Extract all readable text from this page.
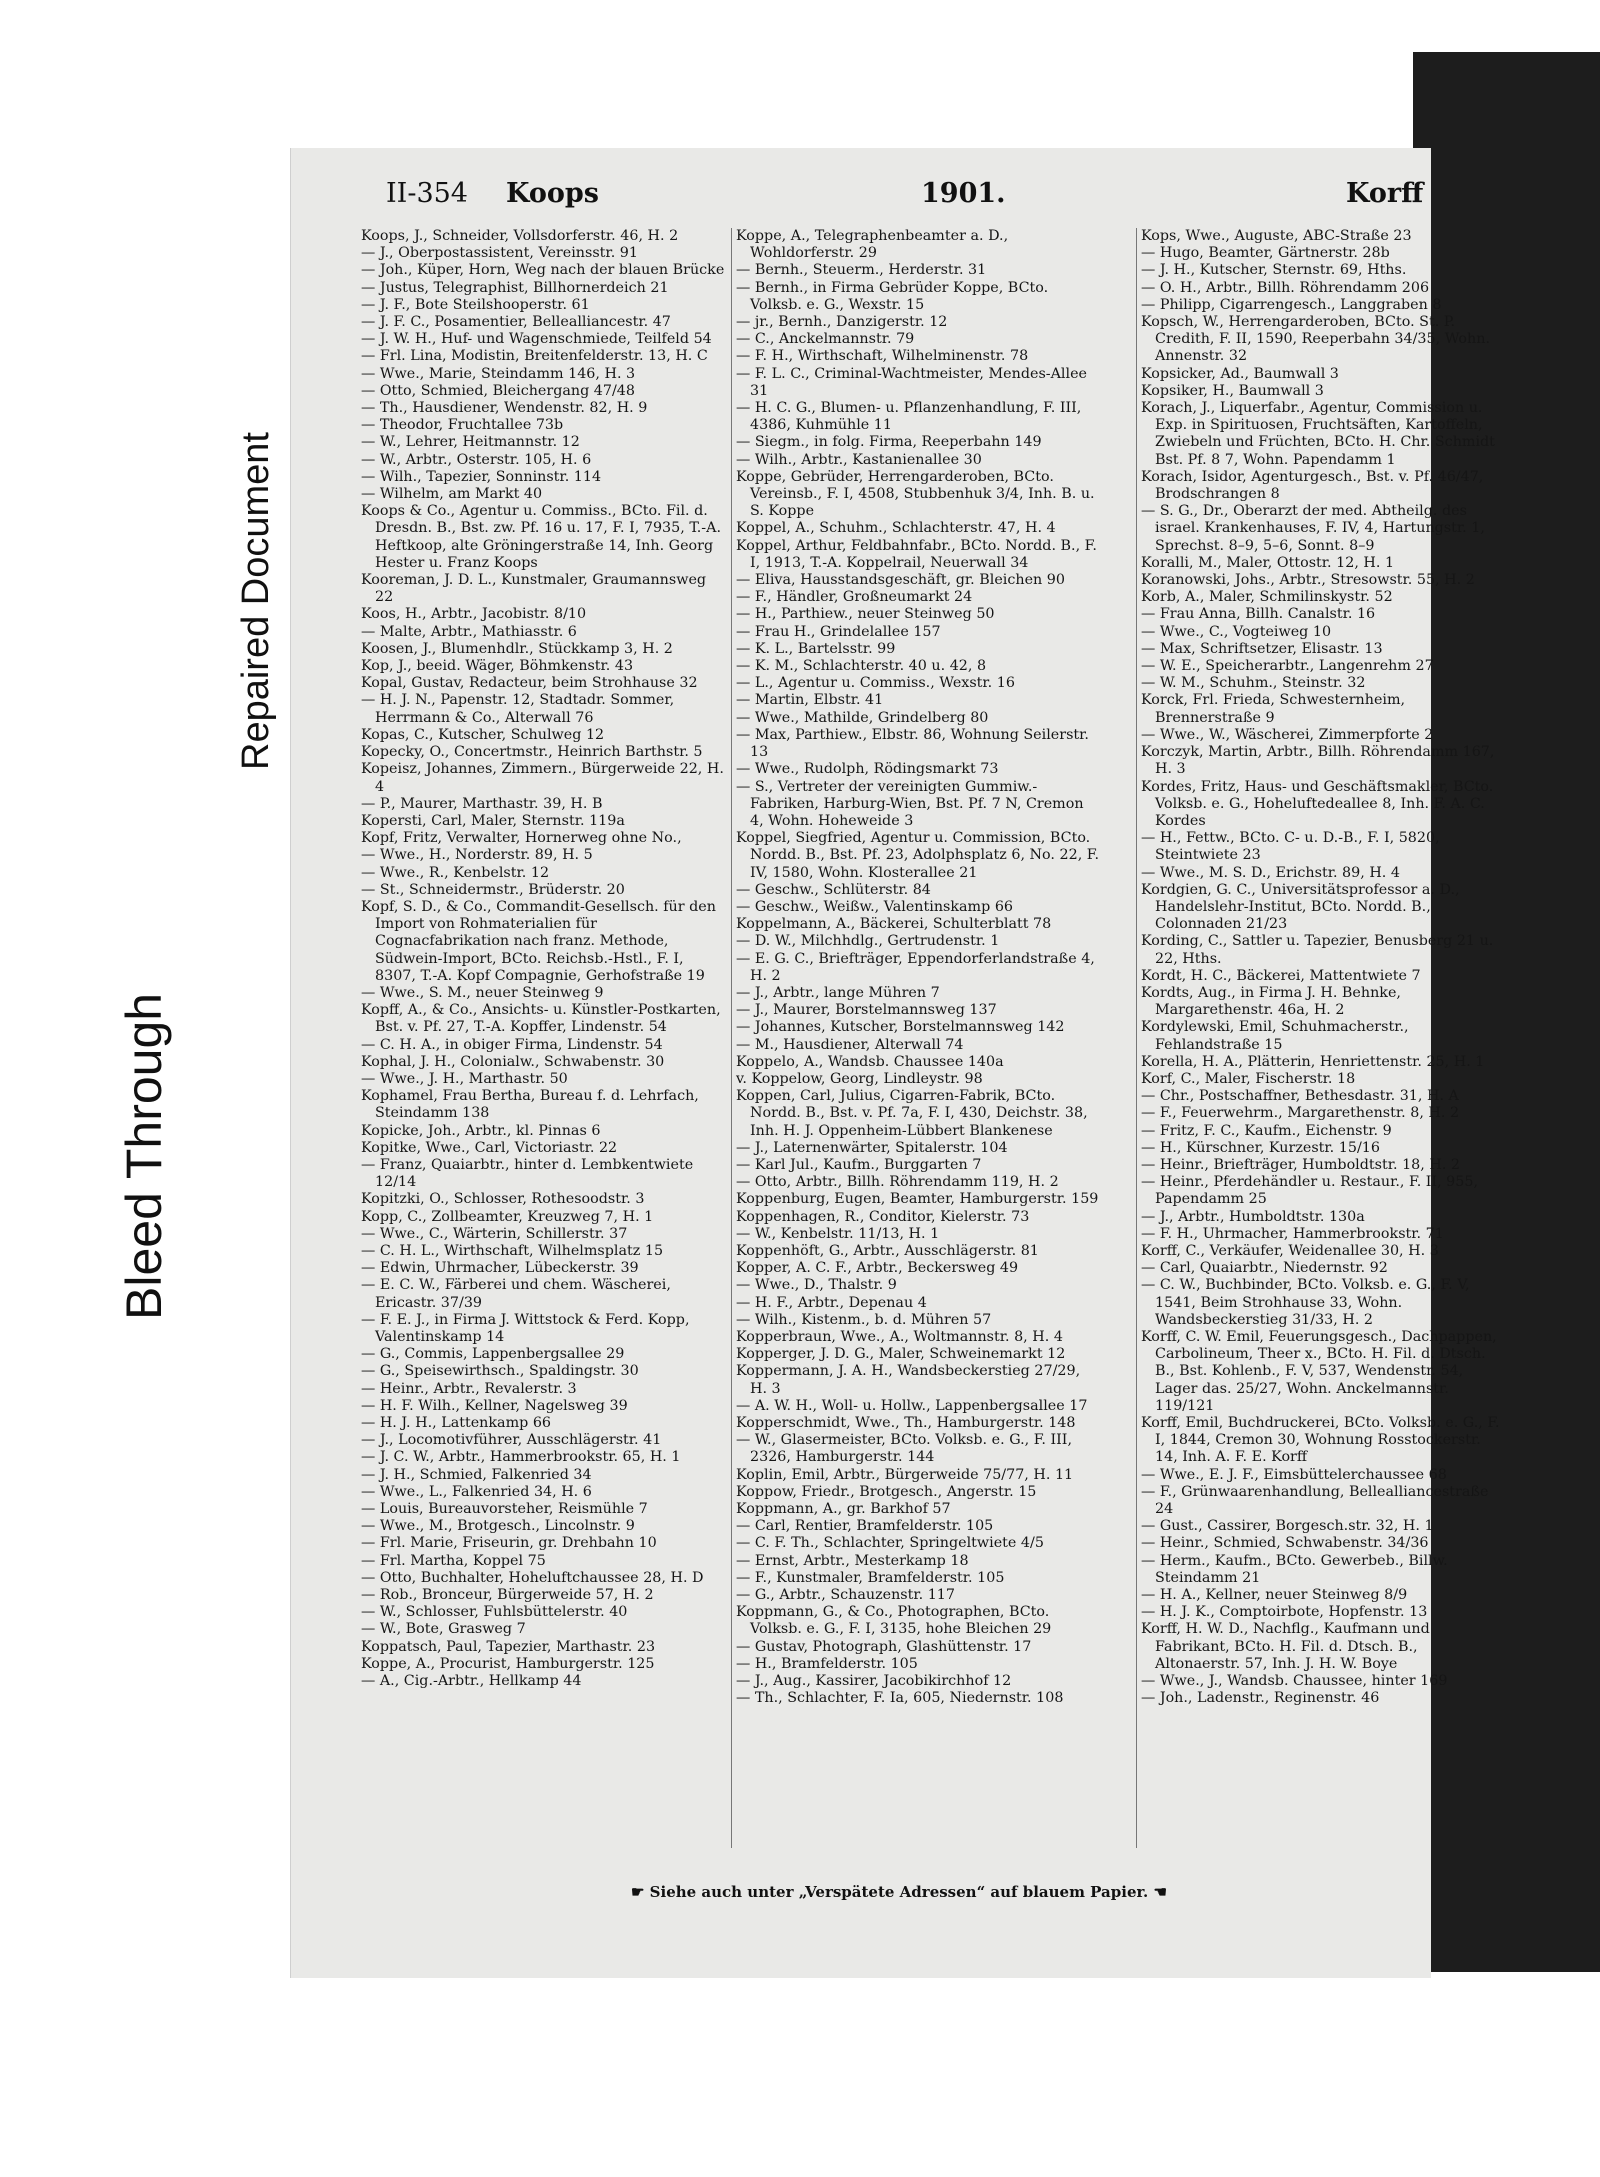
Bleed Through
Repaired Document
II-354 Koops	1901.	Korff

Koops, J., Schneider, Vollsdorferstr. 46, H. 2

— J., Oberpostassistent, Vereinsstr. 91

— Joh., Küper, Horn, Weg nach der blauen Brücke

— Justus, Telegraphist, Billhornerdeich 21

— J. F., Bote Steilshooperstr. 61

— J. F. C., Posamentier, Bellealliancestr. 47

— J. W. H., Huf- und Wagenschmiede, Teilfeld 54

— Frl. Lina, Modistin, Breitenfelderstr. 13, H. C

— Wwe., Marie, Steindamm 146, H. 3

— Otto, Schmied, Bleichergang 47/48

— Th., Hausdiener, Wendenstr. 82, H. 9

— Theodor, Fruchtallee 73b

— W., Lehrer, Heitmannstr. 12

— W., Arbtr., Osterstr. 105, H. 6

— Wilh., Tapezier, Sonninstr. 114

— Wilhelm, am Markt 40

Koops & Co., Agentur u. Commiss., BCto. Fil. d. Dresdn. B., Bst. zw. Pf. 16 u. 17, F. I, 7935, T.-A. Heftkoop, alte Gröningerstraße 14, Inh. Georg Hester u. Franz Koops

Kooreman, J. D. L., Kunstmaler, Graumannsweg 22

Koos, H., Arbtr., Jacobistr. 8/10

— Malte, Arbtr., Mathiasstr. 6

Koosen, J., Blumenhdlr., Stückkamp 3, H. 2

Kop, J., beeid. Wäger, Böhmkenstr. 43

Kopal, Gustav, Redacteur, beim Strohhause 32

— H. J. N., Papenstr. 12, Stadtadr. Sommer, Herrmann & Co., Alterwall 76

Kopas, C., Kutscher, Schulweg 12

Kopecky, O., Concertmstr., Heinrich Barthstr. 5

Kopeisz, Johannes, Zimmern., Bürgerweide 22, H. 4

— P., Maurer, Marthastr. 39, H. B

Kopersti, Carl, Maler, Sternstr. 119a

Kopf, Fritz, Verwalter, Hornerweg ohne No.,

— Wwe., H., Norderstr. 89, H. 5

— Wwe., R., Kenbelstr. 12

— St., Schneidermstr., Brüderstr. 20

Kopf, S. D., & Co., Commandit-Gesellsch. für den Import von Rohmaterialien für Cognacfabrikation nach franz. Methode, Südwein-Import, BCto. Reichsb.-Hstl., F. I, 8307, T.-A. Kopf Compagnie, Gerhofstraße 19

— Wwe., S. M., neuer Steinweg 9

Kopff, A., & Co., Ansichts- u. Künstler-Postkarten, Bst. v. Pf. 27, T.-A. Kopffer, Lindenstr. 54

— C. H. A., in obiger Firma, Lindenstr. 54

Kophal, J. H., Colonialw., Schwabenstr. 30

— Wwe., J. H., Marthastr. 50

Kophamel, Frau Bertha, Bureau f. d. Lehrfach, Steindamm 138

Kopicke, Joh., Arbtr., kl. Pinnas 6

Kopitke, Wwe., Carl, Victoriastr. 22

— Franz, Quaiarbtr., hinter d. Lembkentwiete 12/14

Kopitzki, O., Schlosser, Rothesoodstr. 3

Kopp, C., Zollbeamter, Kreuzweg 7, H. 1

— Wwe., C., Wärterin, Schillerstr. 37

— C. H. L., Wirthschaft, Wilhelmsplatz 15

— Edwin, Uhrmacher, Lübeckerstr. 39

— E. C. W., Färberei und chem. Wäscherei, Ericastr. 37/39

— F. E. J., in Firma J. Wittstock & Ferd. Kopp, Valentinskamp 14

— G., Commis, Lappenbergsallee 29

— G., Speisewirthsch., Spaldingstr. 30

— Heinr., Arbtr., Revalerstr. 3

— H. F. Wilh., Kellner, Nagelsweg 39

— H. J. H., Lattenkamp 66

— J., Locomotivführer, Ausschlägerstr. 41

— J. C. W., Arbtr., Hammerbrookstr. 65, H. 1

— J. H., Schmied, Falkenried 34

— Wwe., L., Falkenried 34, H. 6

— Louis, Bureauvorsteher, Reismühle 7

— Wwe., M., Brotgesch., Lincolnstr. 9

— Frl. Marie, Friseurin, gr. Drehbahn 10

— Frl. Martha, Koppel 75

— Otto, Buchhalter, Hoheluftchaussee 28, H. D

— Rob., Bronceur, Bürgerweide 57, H. 2

— W., Schlosser, Fuhlsbüttelerstr. 40

— W., Bote, Grasweg 7

Koppatsch, Paul, Tapezier, Marthastr. 23

Koppe, A., Procurist, Hamburgerstr. 125

— A., Cig.-Arbtr., Hellkamp 44

Koppe, A., Telegraphenbeamter a. D., Wohldorferstr. 29

— Bernh., Steuerm., Herderstr. 31

— Bernh., in Firma Gebrüder Koppe, BCto. Volksb. e. G., Wexstr. 15

— jr., Bernh., Danzigerstr. 12

— C., Anckelmannstr. 79

— F. H., Wirthschaft, Wilhelminenstr. 78

— F. L. C., Criminal-Wachtmeister, Mendes-Allee 31

— H. C. G., Blumen- u. Pflanzenhandlung, F. III, 4386, Kuhmühle 11

— Siegm., in folg. Firma, Reeperbahn 149

— Wilh., Arbtr., Kastanienallee 30

Koppe, Gebrüder, Herrengarderoben, BCto. Vereinsb., F. I, 4508, Stubbenhuk 3/4, Inh. B. u. S. Koppe

Koppel, A., Schuhm., Schlachterstr. 47, H. 4

Koppel, Arthur, Feldbahnfabr., BCto. Nordd. B., F. I, 1913, T.-A. Koppelrail, Neuerwall 34

— Eliva, Hausstandsgeschäft, gr. Bleichen 90

— F., Händler, Großneumarkt 24

— H., Parthiew., neuer Steinweg 50

— Frau H., Grindelallee 157

— K. L., Bartelsstr. 99

— K. M., Schlachterstr. 40 u. 42, 8

— L., Agentur u. Commiss., Wexstr. 16

— Martin, Elbstr. 41

— Wwe., Mathilde, Grindelberg 80

— Max, Parthiew., Elbstr. 86, Wohnung Seilerstr. 13

— Wwe., Rudolph, Rödingsmarkt 73

— S., Vertreter der vereinigten Gummiw.-Fabriken, Harburg-Wien, Bst. Pf. 7 N, Cremon 4, Wohn. Hoheweide 3

Koppel, Siegfried, Agentur u. Commission, BCto. Nordd. B., Bst. Pf. 23, Adolphsplatz 6, No. 22, F. IV, 1580, Wohn. Klosterallee 21

— Geschw., Schlüterstr. 84

— Geschw., Weißw., Valentinskamp 66

Koppelmann, A., Bäckerei, Schulterblatt 78

— D. W., Milchhdlg., Gertrudenstr. 1

— E. G. C., Briefträger, Eppendorferlandstraße 4, H. 2

— J., Arbtr., lange Mühren 7

— J., Maurer, Borstelmannsweg 137

— Johannes, Kutscher, Borstelmannsweg 142

— M., Hausdiener, Alterwall 74

Koppelo, A., Wandsb. Chaussee 140a

v. Koppelow, Georg, Lindleystr. 98

Koppen, Carl, Julius, Cigarren-Fabrik, BCto. Nordd. B., Bst. v. Pf. 7a, F. I, 430, Deichstr. 38, Inh. H. J. Oppenheim-Lübbert Blankenese

— J., Laternenwärter, Spitalerstr. 104

— Karl Jul., Kaufm., Burggarten 7

— Otto, Arbtr., Billh. Röhrendamm 119, H. 2

Koppenburg, Eugen, Beamter, Hamburgerstr. 159

Koppenhagen, R., Conditor, Kielerstr. 73

— W., Kenbelstr. 11/13, H. 1

Koppenhöft, G., Arbtr., Ausschlägerstr. 81

Kopper, A. C. F., Arbtr., Beckersweg 49

— Wwe., D., Thalstr. 9

— H. F., Arbtr., Depenau 4

— Wilh., Kistenm., b. d. Mühren 57

Kopperbraun, Wwe., A., Woltmannstr. 8, H. 4

Kopperger, J. D. G., Maler, Schweinemarkt 12

Koppermann, J. A. H., Wandsbeckerstieg 27/29, H. 3

— A. W. H., Woll- u. Hollw., Lappenbergsallee 17

Kopperschmidt, Wwe., Th., Hamburgerstr. 148

— W., Glasermeister, BCto. Volksb. e. G., F. III, 2326, Hamburgerstr. 144

Koplin, Emil, Arbtr., Bürgerweide 75/77, H. 11

Koppow, Friedr., Brotgesch., Angerstr. 15

Koppmann, A., gr. Barkhof 57

— Carl, Rentier, Bramfelderstr. 105

— C. F. Th., Schlachter, Springeltwiete 4/5

— Ernst, Arbtr., Mesterkamp 18

— F., Kunstmaler, Bramfelderstr. 105

— G., Arbtr., Schauzenstr. 117

Koppmann, G., & Co., Photographen, BCto. Volksb. e. G., F. I, 3135, hohe Bleichen 29

— Gustav, Photograph, Glashüttenstr. 17

— H., Bramfelderstr. 105

— J., Aug., Kassirer, Jacobikirchhof 12

— Th., Schlachter, F. Ia, 605, Niedernstr. 108

Kops, Wwe., Auguste, ABC-Straße 23

— Hugo, Beamter, Gärtnerstr. 28b

— J. H., Kutscher, Sternstr. 69, Hths.

— O. H., Arbtr., Billh. Röhrendamm 206

— Philipp, Cigarrengesch., Langgraben 8

Kopsch, W., Herrengarderoben, BCto. St. P. Credith, F. II, 1590, Reeperbahn 34/35, Wohn. Annenstr. 32

Kopsicker, Ad., Baumwall 3

Kopsiker, H., Baumwall 3

Korach, J., Liquerfabr., Agentur, Commission u. Exp. in Spirituosen, Fruchtsäften, Kartoffeln, Zwiebeln und Früchten, BCto. H. Chr. Schmidt Bst. Pf. 8 7, Wohn. Papendamm 1

Korach, Isidor, Agenturgesch., Bst. v. Pf. 46/47, Brodschrangen 8

— S. G., Dr., Oberarzt der med. Abtheilg. des israel. Krankenhauses, F. IV, 4, Hartungstr. 1, Sprechst. 8–9, 5–6, Sonnt. 8–9

Koralli, M., Maler, Ottostr. 12, H. 1

Koranowski, Johs., Arbtr., Stresowstr. 55, H. 2

Korb, A., Maler, Schmilinskystr. 52

— Frau Anna, Billh. Canalstr. 16

— Wwe., C., Vogteiweg 10

— Max, Schriftsetzer, Elisastr. 13

— W. E., Speicherarbtr., Langenrehm 27

— W. M., Schuhm., Steinstr. 32

Korck, Frl. Frieda, Schwesternheim, Brennerstraße 9

— Wwe., W., Wäscherei, Zimmerpforte 2

Korczyk, Martin, Arbtr., Billh. Röhrendamm 167, H. 3

Kordes, Fritz, Haus- und Geschäftsmakler, BCto. Volksb. e. G., Hoheluftedeallee 8, Inh. F. A. C. Kordes

— H., Fettw., BCto. C- u. D.-B., F. I, 5820, Steintwiete 23

— Wwe., M. S. D., Erichstr. 89, H. 4

Kordgien, G. C., Universitätsprofessor a. D., Handelslehr-Institut, BCto. Nordd. B., Colonnaden 21/23

Kording, C., Sattler u. Tapezier, Benusberg 21 u. 22, Hths.

Kordt, H. C., Bäckerei, Mattentwiete 7

Kordts, Aug., in Firma J. H. Behnke, Margarethenstr. 46a, H. 2

Kordylewski, Emil, Schuhmacherstr., Fehlandstraße 15

Korella, H. A., Plätterin, Henriettenstr. 25, H. 1

Korf, C., Maler, Fischerstr. 18

— Chr., Postschaffner, Bethesdastr. 31, H. A

— F., Feuerwehrm., Margarethenstr. 8, H. 2

— Fritz, F. C., Kaufm., Eichenstr. 9

— H., Kürschner, Kurzestr. 15/16

— Heinr., Briefträger, Humboldtstr. 18, H. 2

— Heinr., Pferdehändler u. Restaur., F. II, 955, Papendamm 25

— J., Arbtr., Humboldtstr. 130a

— F. H., Uhrmacher, Hammerbrookstr. 71

Korff, C., Verkäufer, Weidenallee 30, H. 3

— Carl, Quaiarbtr., Niedernstr. 92

— C. W., Buchbinder, BCto. Volksb. e. G., F. V, 1541, Beim Strohhause 33, Wohn. Wandsbeckerstieg 31/33, H. 2

Korff, C. W. Emil, Feuerungsgesch., Dachpappen, Carbolineum, Theer x., BCto. H. Fil. d. Dtsch. B., Bst. Kohlenb., F. V, 537, Wendenstr. 54, Lager das. 25/27, Wohn. Anckelmannstr. 119/121

Korff, Emil, Buchdruckerei, BCto. Volksb. e. G., F. I, 1844, Cremon 30, Wohnung Rosstockerstr. 14, Inh. A. F. E. Korff

— Wwe., E. J. F., Eimsbüttelerchaussee 68

— F., Grünwaarenhandlung, Bellealliancestraße 24

— Gust., Cassirer, Borgesch.str. 32, H. 1

— Heinr., Schmied, Schwabenstr. 34/36

— Herm., Kaufm., BCto. Gewerbeb., Billw. Steindamm 21

— H. A., Kellner, neuer Steinweg 8/9

— H. J. K., Comptoirbote, Hopfenstr. 13

Korff, H. W. D., Nachflg., Kaufmann und Fabrikant, BCto. H. Fil. d. Dtsch. B., Altonaerstr. 57, Inh. J. H. W. Boye

— Wwe., J., Wandsb. Chaussee, hinter 169

— Joh., Ladenstr., Reginenstr. 46

☛ Siehe auch unter „Verspätete Adressen“ auf blauem Papier. ☚
